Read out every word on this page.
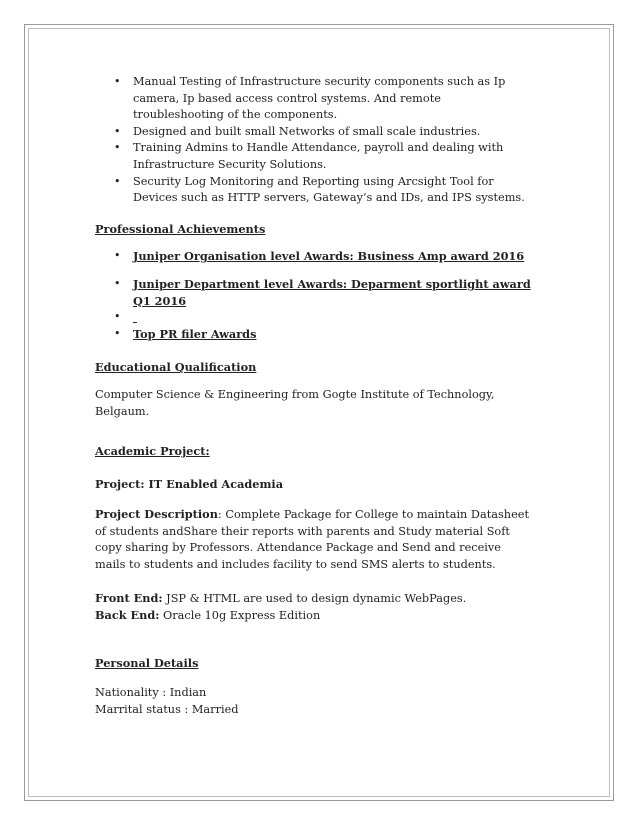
• Manual Testing of Infrastructure security components such as Ip camera, Ip based access control systems. And remote troubleshooting of the components.
• Designed and built small Networks of small scale industries.
• Training Admins to Handle Attendance, payroll and dealing with Infrastructure Security Solutions.
• Security Log Monitoring and Reporting using Arcsight Tool for Devices such as HTTP servers, Gateway’s and IDs, and IPS systems.

Professional Achievements

• Juniper Organisation level Awards: Business Amp award 2016
• Juniper Department level Awards: Deparment sportlight award Q1 2016
•

• Top PR filer Awards

Educational Qualification

Computer Science & Engineering from Gogte Institute of Technology, Belgaum.

Academic Project:

Project: IT Enabled Academia

Project Description: Complete Package for College to maintain Datasheet of students andShare their reports with parents and Study material Soft copy sharing by Professors. Attendance Package and Send and receive mails to students and includes facility to send SMS alerts to students.

Front End: JSP & HTML are used to design dynamic WebPages.

Back End: Oracle 10g Express Edition

Personal Details

Nationality : Indian

Marrital status : Married
